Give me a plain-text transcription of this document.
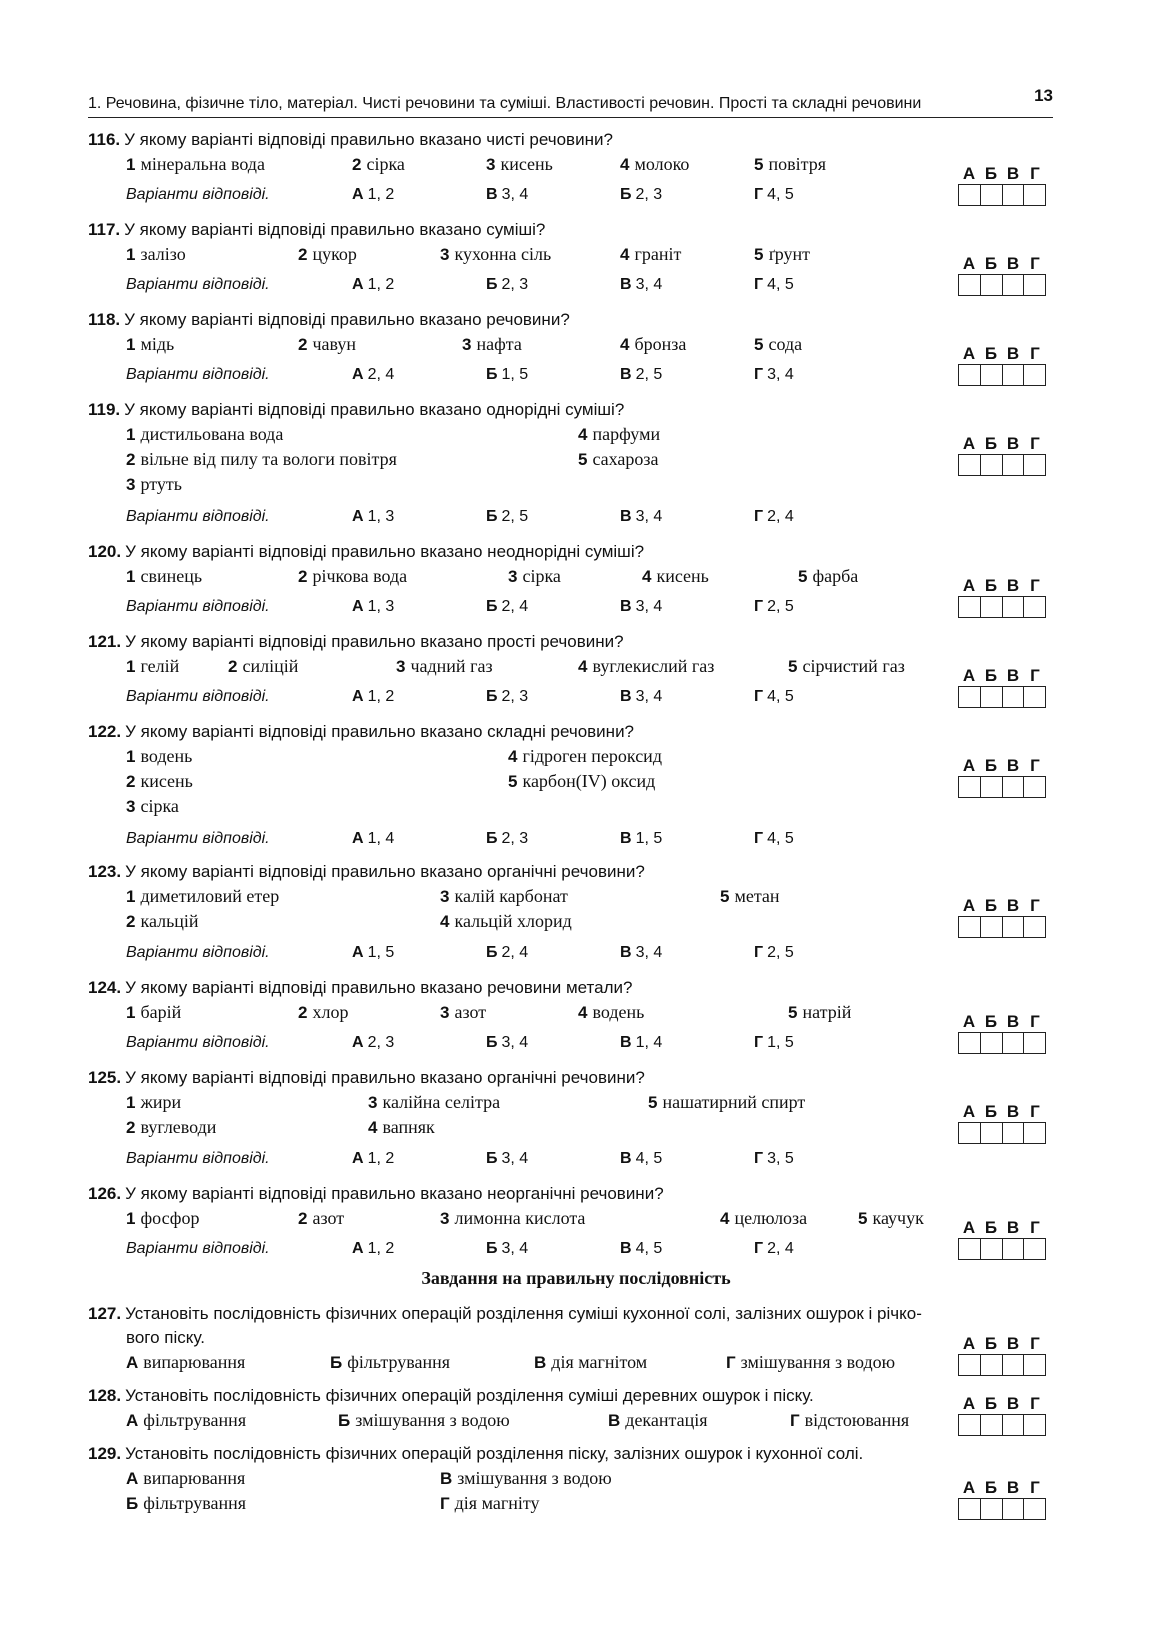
1. Речовина, фізичне тіло, матеріал. Чисті речовини та суміші. Властивості речовин. Прості та складні речовини	13
116. У якому варіанті відповіді правильно вказано чисті речовини?
1 мінеральна вода	2 сірка	3 кисень	4 молоко	5 повітря
Варіанти відповіді.	А 1, 2	В 3, 4	Б 2, 3	Г 4, 5
А Б В Г
117. У якому варіанті відповіді правильно вказано суміші?
1 залізо	2 цукор	3 кухонна сіль	4 граніт	5 ґрунт
Варіанти відповіді.	А 1, 2	Б 2, 3	В 3, 4	Г 4, 5
А Б В Г
118. У якому варіанті відповіді правильно вказано речовини?
1 мідь	2 чавун	3 нафта	4 бронза	5 сода
Варіанти відповіді.	А 2, 4	Б 1, 5	В 2, 5	Г 3, 4
А Б В Г
119. У якому варіанті відповіді правильно вказано однорідні суміші?
1 дистильована вода	4 парфуми
2 вільне від пилу та вологи повітря	5 сахароза
3 ртуть
Варіанти відповіді.	А 1, 3	Б 2, 5	В 3, 4	Г 2, 4
А Б В Г
120. У якому варіанті відповіді правильно вказано неоднорідні суміші?
1 свинець	2 річкова вода	3 сірка	4 кисень	5 фарба
Варіанти відповіді.	А 1, 3	Б 2, 4	В 3, 4	Г 2, 5
А Б В Г
121. У якому варіанті відповіді правильно вказано прості речовини?
1 гелій	2 силіцій	3 чадний газ	4 вуглекислий газ	5 сірчистий газ
Варіанти відповіді.	А 1, 2	Б 2, 3	В 3, 4	Г 4, 5
А Б В Г
122. У якому варіанті відповіді правильно вказано складні речовини?
1 водень	4 гідроген пероксид
2 кисень	5 карбон(IV) оксид
3 сірка
Варіанти відповіді.	А 1, 4	Б 2, 3	В 1, 5	Г 4, 5
А Б В Г
123. У якому варіанті відповіді правильно вказано органічні речовини?
1 диметиловий етер	3 калій карбонат	5 метан
2 кальцій	4 кальцій хлорид
Варіанти відповіді.	А 1, 5	Б 2, 4	В 3, 4	Г 2, 5
А Б В Г
124. У якому варіанті відповіді правильно вказано речовини метали?
1 барій	2 хлор	3 азот	4 водень	5 натрій
Варіанти відповіді.	А 2, 3	Б 3, 4	В 1, 4	Г 1, 5
А Б В Г
125. У якому варіанті відповіді правильно вказано органічні речовини?
1 жири	3 калійна селітра	5 нашатирний спирт
2 вуглеводи	4 вапняк
Варіанти відповіді.	А 1, 2	Б 3, 4	В 4, 5	Г 3, 5
А Б В Г
126. У якому варіанті відповіді правильно вказано неорганічні речовини?
1 фосфор	2 азот	3 лимонна кислота	4 целюлоза	5 каучук
Варіанти відповіді.	А 1, 2	Б 3, 4	В 4, 5	Г 2, 4
А Б В Г
Завдання на правильну послідовність
127. Установіть послідовність фізичних операцій розділення суміші кухонної солі, залізних ошурок і річко-
вого піску.
А випарювання	Б фільтрування	В дія магнітом	Г змішування з водою
А Б В Г
128. Установіть послідовність фізичних операцій розділення суміші деревних ошурок і піску.
А фільтрування	Б змішування з водою	В декантація	Г відстоювання
А Б В Г
129. Установіть послідовність фізичних операцій розділення піску, залізних ошурок і кухонної солі.
А випарювання	В змішування з водою
Б фільтрування	Г дія магніту
А Б В Г
